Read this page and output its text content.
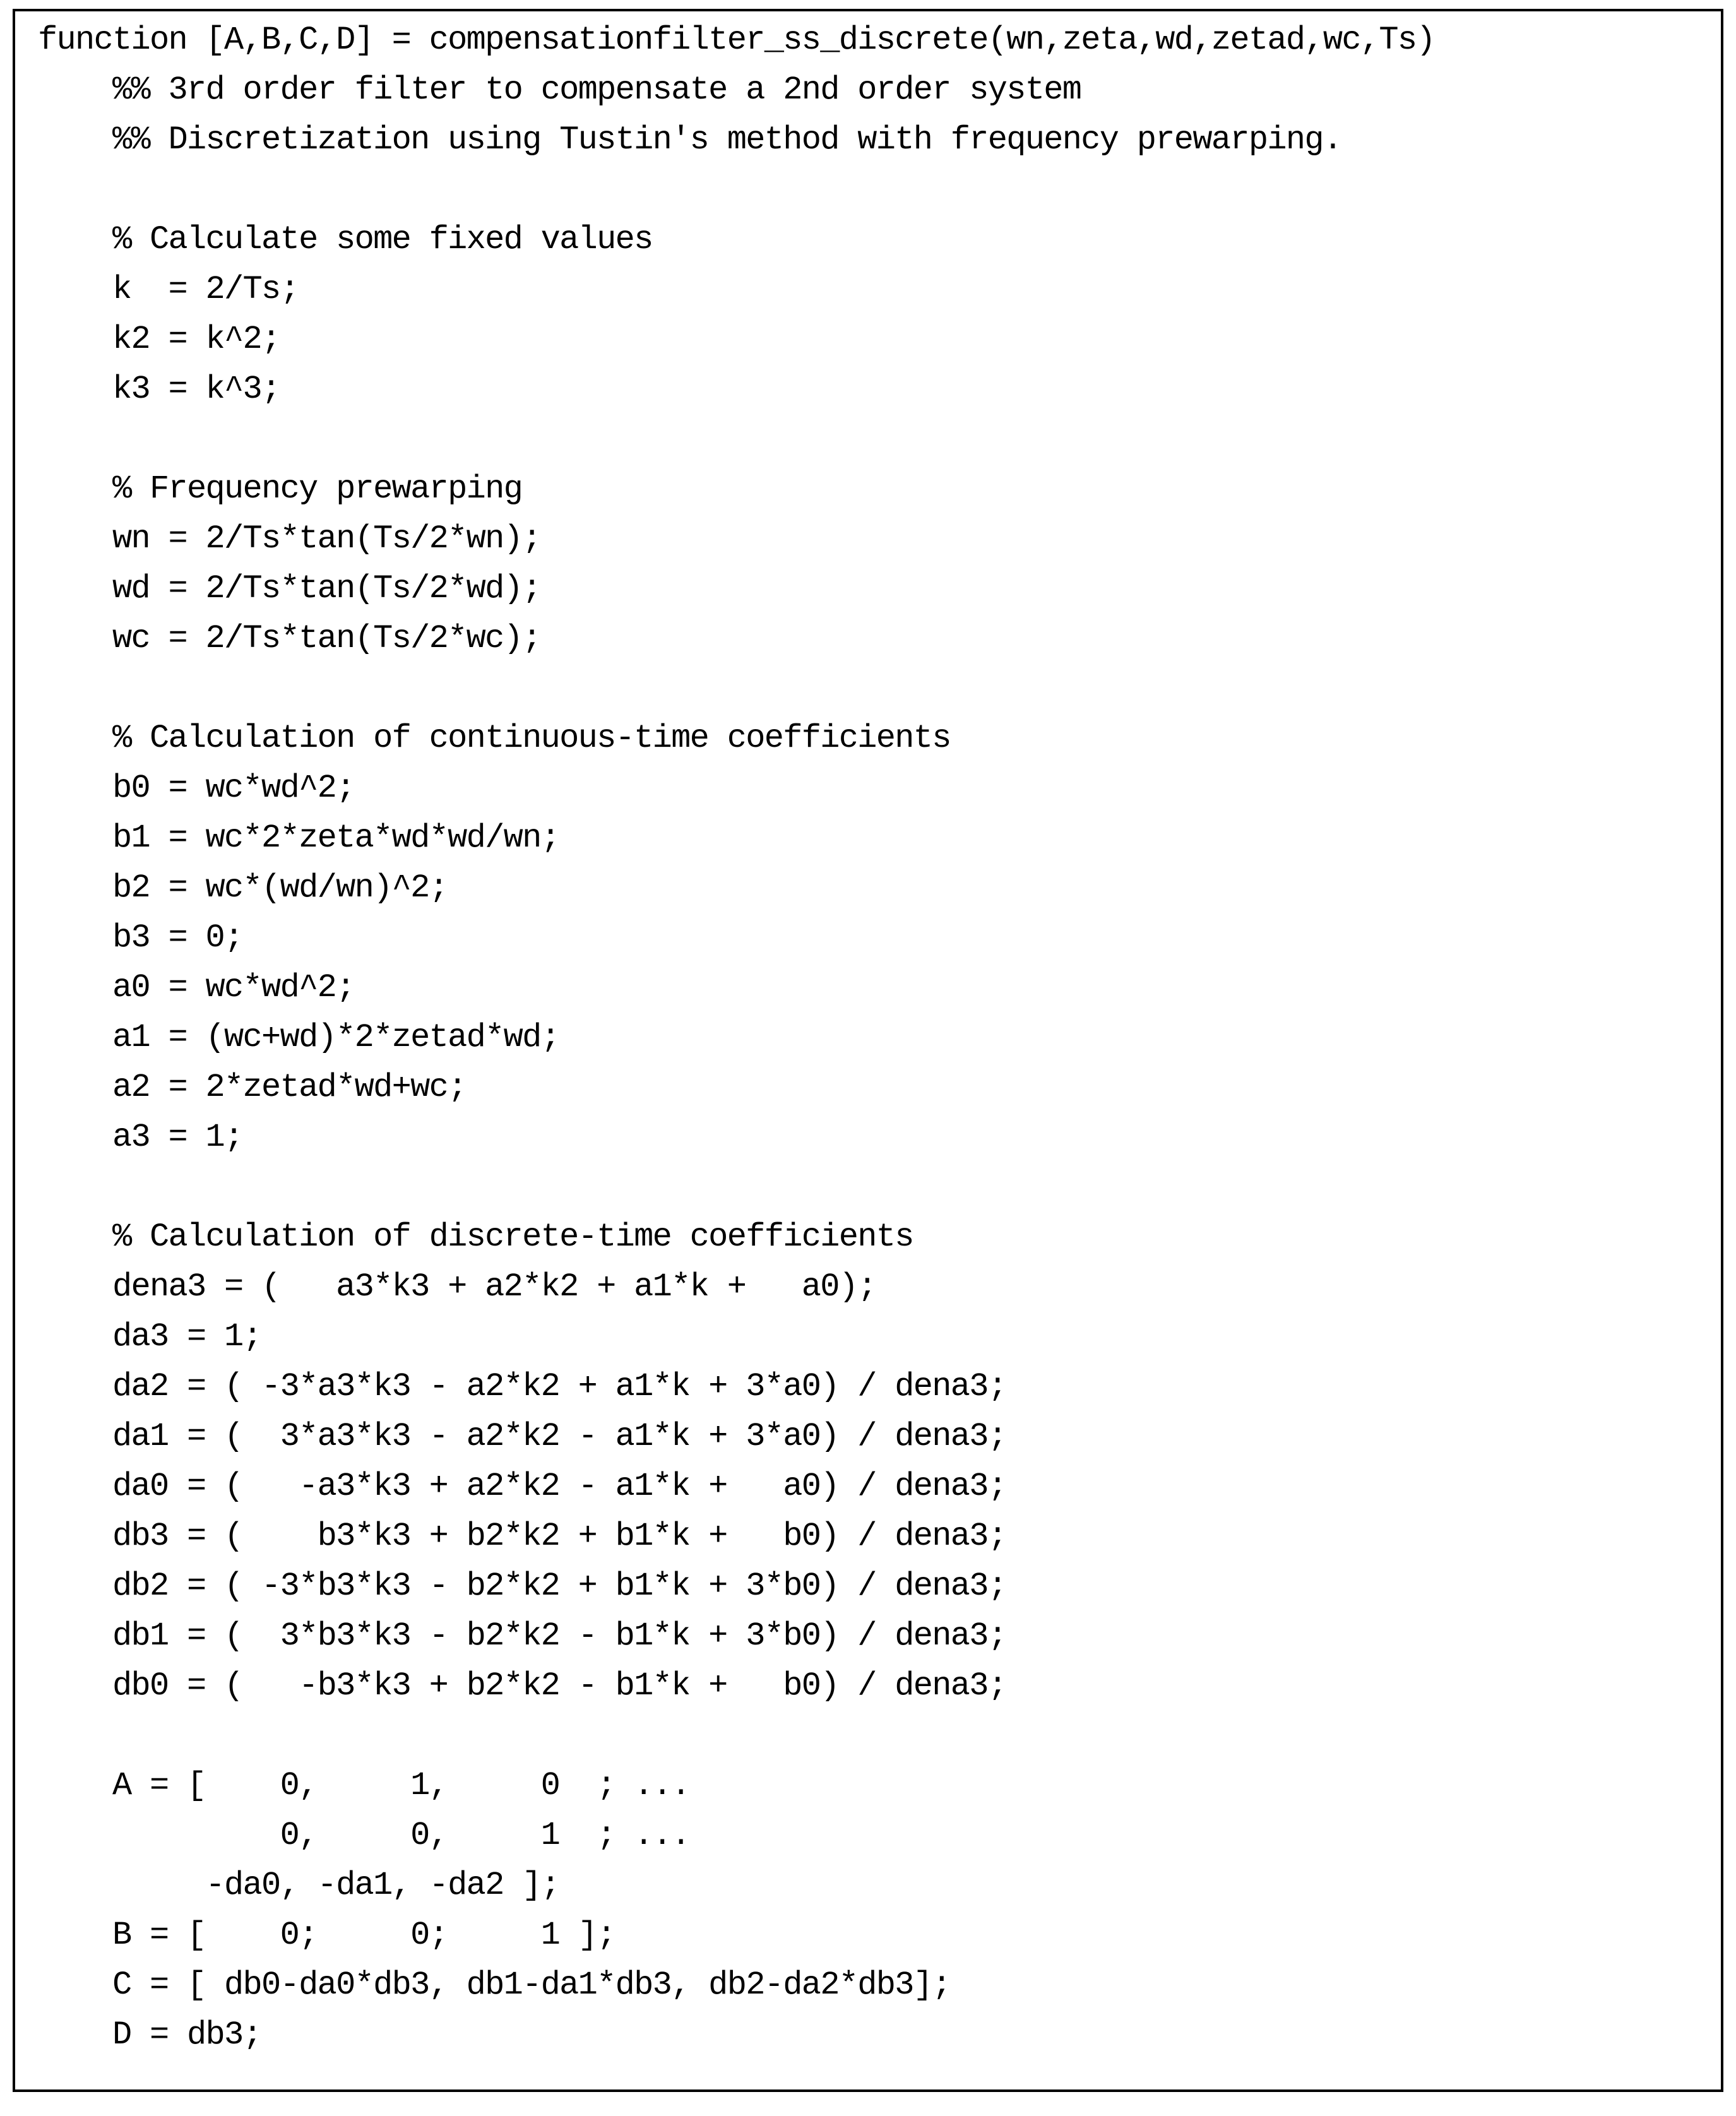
function [A,B,C,D] = compensationfilter_ss_discrete(wn,zeta,wd,zetad,wc,Ts)
%% 3rd order filter to compensate a 2nd order system
%% Discretization using Tustin's method with frequency prewarping.

% Calculate some fixed values
k  = 2/Ts;
k2 = k^2;
k3 = k^3;

% Frequency prewarping
wn = 2/Ts*tan(Ts/2*wn);
wd = 2/Ts*tan(Ts/2*wd);
wc = 2/Ts*tan(Ts/2*wc);

% Calculation of continuous-time coefficients
b0 = wc*wd^2;
b1 = wc*2*zeta*wd*wd/wn;
b2 = wc*(wd/wn)^2;
b3 = 0;
a0 = wc*wd^2;
a1 = (wc+wd)*2*zetad*wd;
a2 = 2*zetad*wd+wc;
a3 = 1;

% Calculation of discrete-time coefficients
dena3 = (   a3*k3 + a2*k2 + a1*k +   a0);
da3 = 1;
da2 = ( -3*a3*k3 - a2*k2 + a1*k + 3*a0) / dena3;
da1 = (  3*a3*k3 - a2*k2 - a1*k + 3*a0) / dena3;
da0 = (   -a3*k3 + a2*k2 - a1*k +   a0) / dena3;
db3 = (    b3*k3 + b2*k2 + b1*k +   b0) / dena3;
db2 = ( -3*b3*k3 - b2*k2 + b1*k + 3*b0) / dena3;
db1 = (  3*b3*k3 - b2*k2 - b1*k + 3*b0) / dena3;
db0 = (   -b3*k3 + b2*k2 - b1*k +   b0) / dena3;

A = [    0,     1,     0  ; ...
0,     0,     1  ; ...
-da0, -da1, -da2 ];
B = [    0;     0;     1 ];
C = [ db0-da0*db3, db1-da1*db3, db2-da2*db3];
D = db3;
